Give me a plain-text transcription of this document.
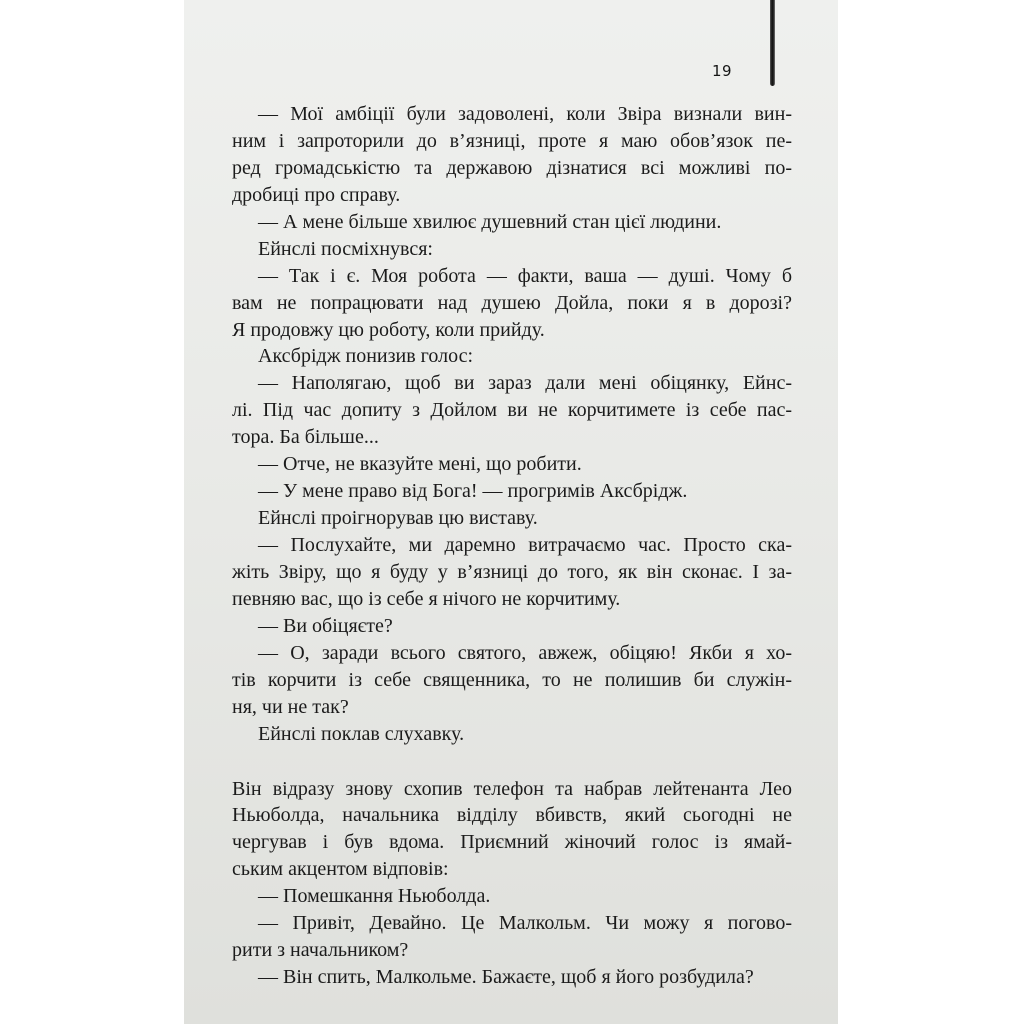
19
— Мої амбіції були задоволені, коли Звіра визнали вин-
ним і запроторили до в’язниці, проте я маю обов’язок пе-
ред громадськістю та державою дізнатися всі можливі по-
дробиці про справу.
— А мене більше хвилює душевний стан цієї людини.
Ейнслі посміхнувся:
— Так і є. Моя робота — факти, ваша — душі. Чому б
вам не попрацювати над душею Дойла, поки я в дорозі?
Я продовжу цю роботу, коли прийду.
Аксбрідж понизив голос:
— Наполягаю, щоб ви зараз дали мені обіцянку, Ейнс-
лі. Під час допиту з Дойлом ви не корчитимете із себе пас-
тора. Ба більше...
— Отче, не вказуйте мені, що робити.
— У мене право від Бога! — прогримів Аксбрідж.
Ейнслі проігнорував цю виставу.
— Послухайте, ми даремно витрачаємо час. Просто ска-
жіть Звіру, що я буду у в’язниці до того, як він сконає. І за-
певняю вас, що із себе я нічого не корчитиму.
— Ви обіцяєте?
— О, заради всього святого, авжеж, обіцяю! Якби я хо-
тів корчити із себе священника, то не полишив би служін-
ня, чи не так?
Ейнслі поклав слухавку.
Він відразу знову схопив телефон та набрав лейтенанта Лео
Ньюболда, начальника відділу вбивств, який сьогодні не
чергував і був вдома. Приємний жіночий голос із ямай-
ським акцентом відповів:
— Помешкання Ньюболда.
— Привіт, Девайно. Це Малкольм. Чи можу я погово-
рити з начальником?
— Він спить, Малкольме. Бажаєте, щоб я його розбудила?
